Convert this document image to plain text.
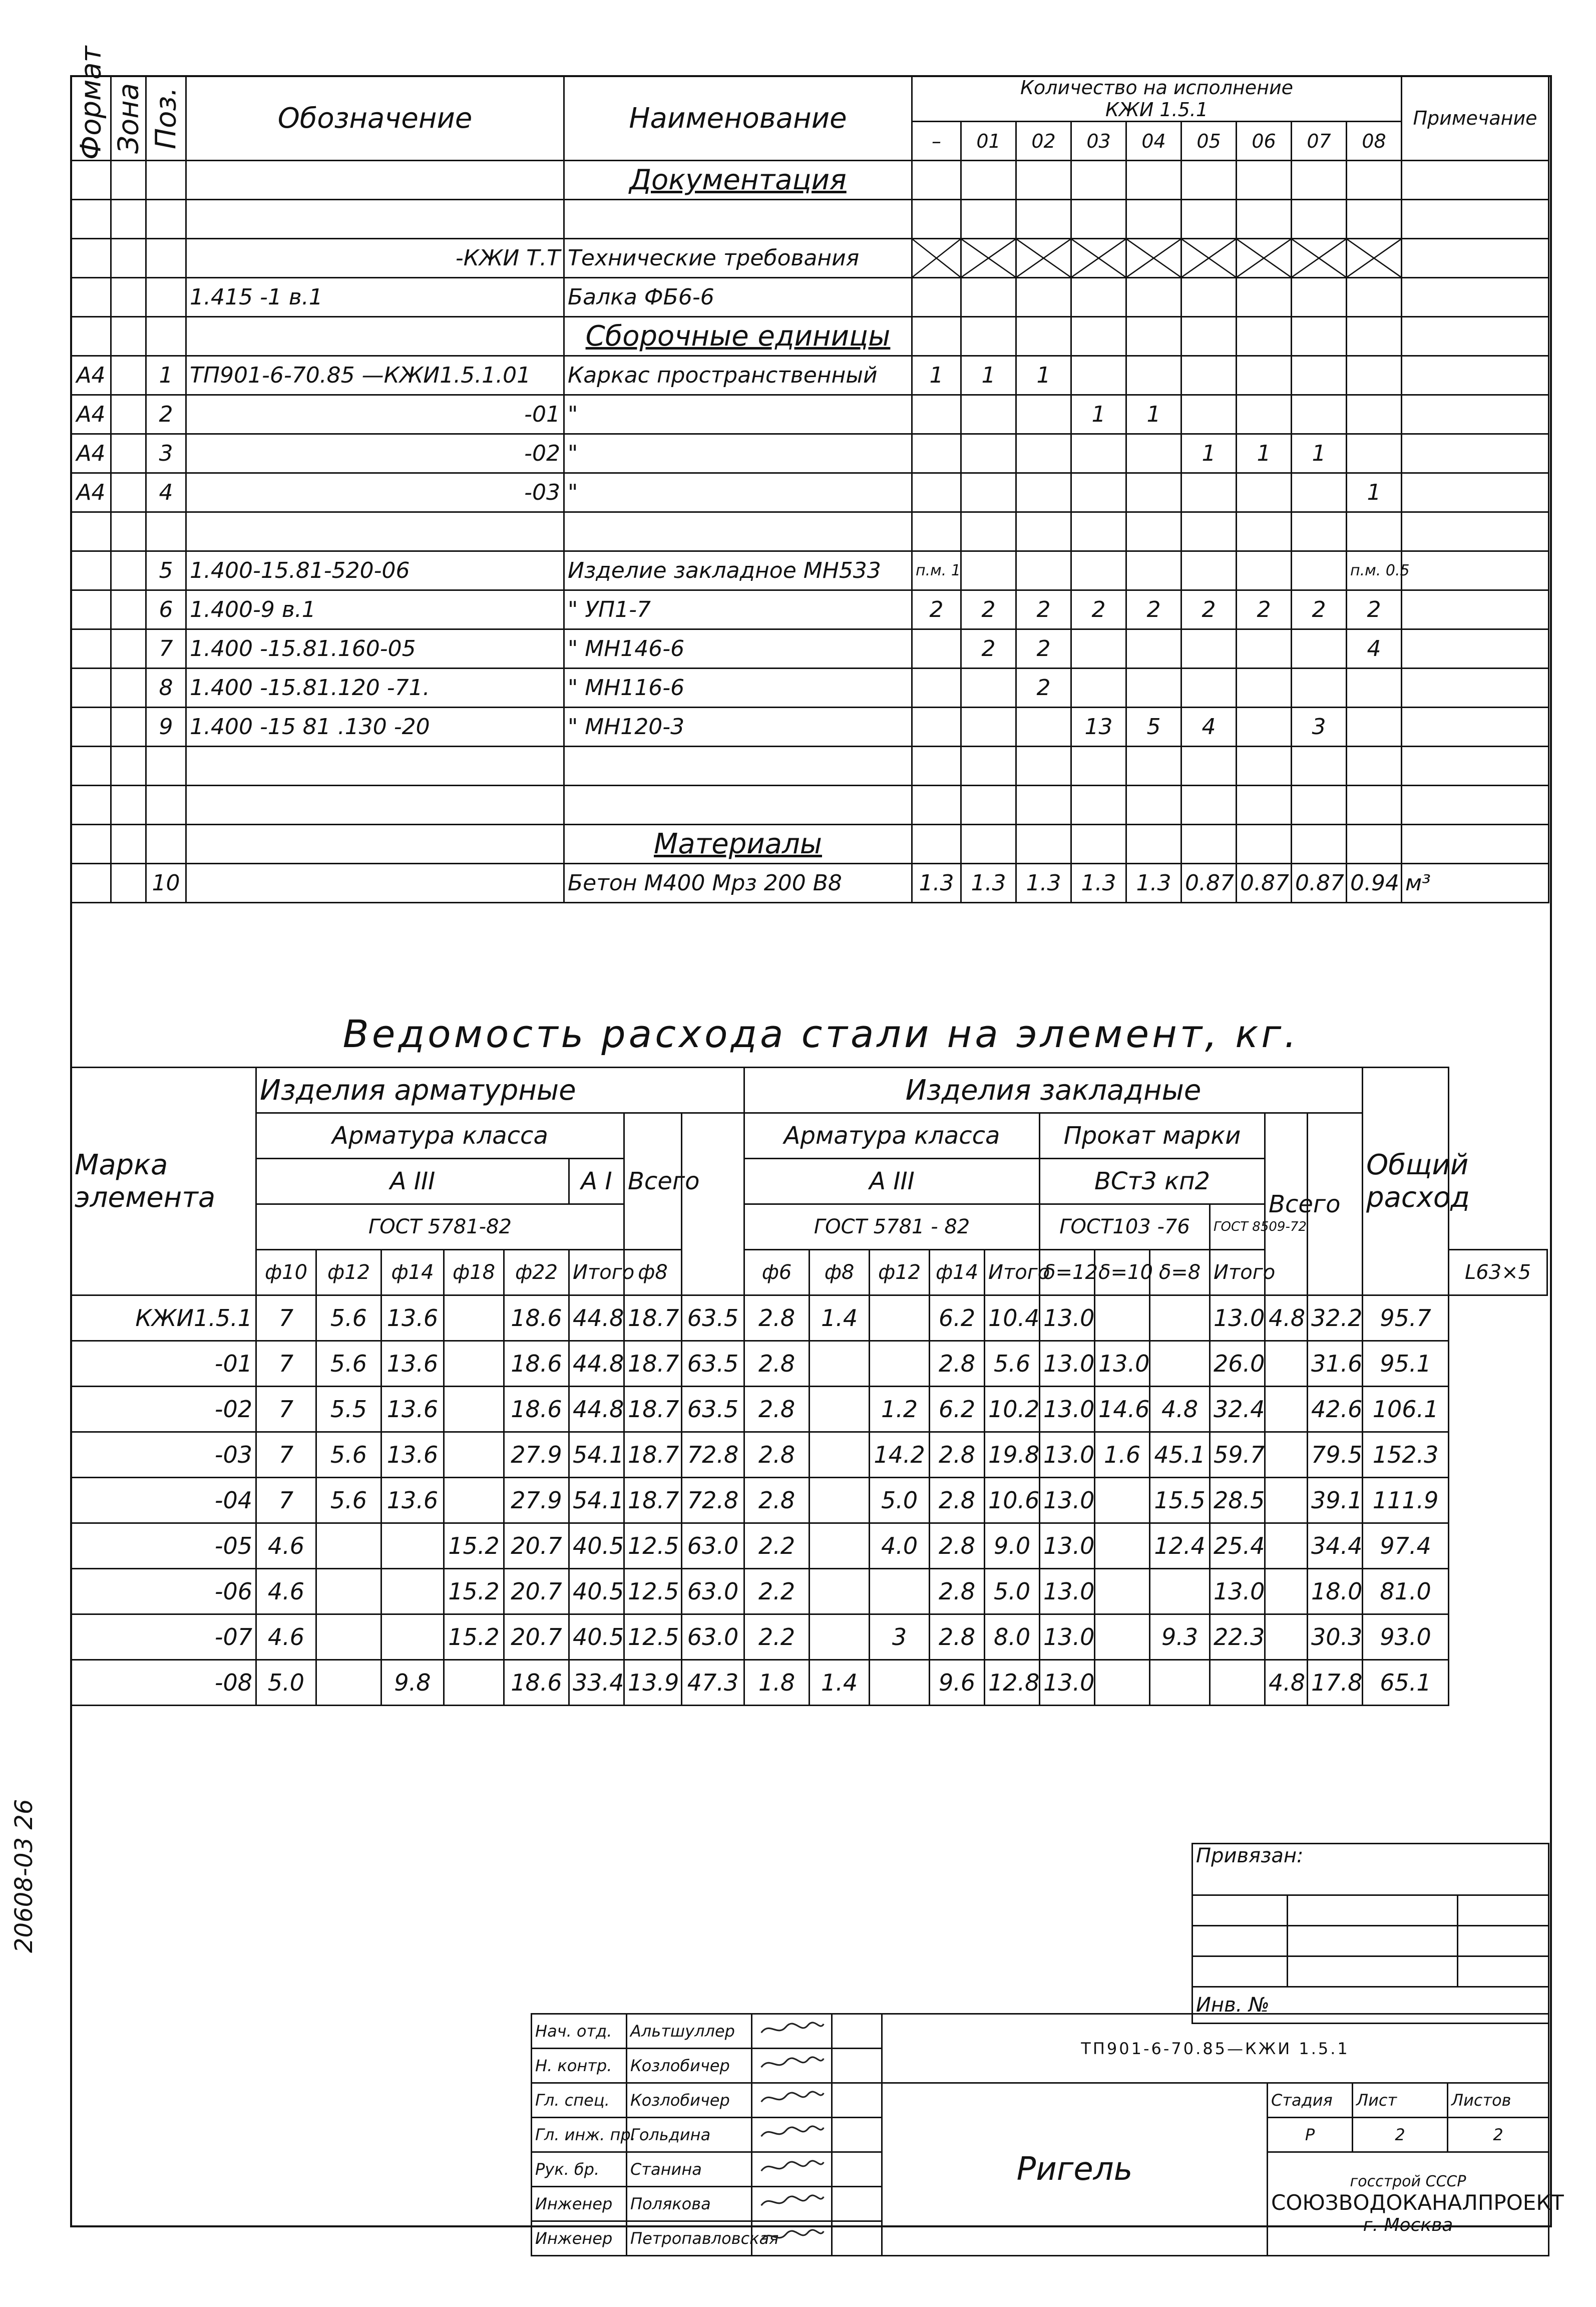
Формат	Зона	Поз.	Обозначение	Наименование	Количество на исполнение
КЖИ 1.5.1									Примечание
					–	01	02	03	04	05	06	07	08	
				Документация										

			-КЖИ Т.Т	Технические требования	

			1.415 -1 в.1	Балка ФБ6-6										
				Сборочные единицы										
А4		1	ТП901-6-70.85 —КЖИ1.5.1.01	Каркас пространственный	1	1	1							
А4		2	-01	"				1	1					
А4		3	-02	"						1	1	1		
А4		4	-03	"									1	

		5	1.400-15.81-520-06	Изделие закладное МН533	п.м. 1								п.м. 0.5	
		6	1.400-9 в.1	" УП1-7	2	2	2	2	2	2	2	2	2	
		7	1.400 -15.81.160-05	" МН146-6		2	2						4	
		8	1.400 -15.81.120 -71.	" МН116-6			2							
		9	1.400 -15 81 .130 -20	" МН120-3				13	5	4		3		

				Материалы										
		10		Бетон М400 Мрз 200 В8	1.3	1.3	1.3	1.3	1.3	0.87	0.87	0.87	0.94	м³
Ведомость расхода стали на элемент, кг.
Марка элемента	Изделия арматурные								Изделия закладные											Общий расход	
	Арматура класса						Всего		Арматура класса					Прокат марки				Всего			
	А III					А I			А III					ВСт3 кп2							
	ГОСТ 5781-82								ГОСТ 5781 - 82					ГОСТ103 -76			ГОСТ 8509-72				
	ф10	ф12	ф14	ф18	ф22	Итого	ф8		ф6	ф8	ф12	ф14	Итого	δ=12	δ=10	δ=8	Итого				L63×5
КЖИ1.5.1	7	5.6	13.6		18.6	44.8	18.7	63.5	2.8	1.4		6.2	10.4	13.0			13.0	4.8	32.2	95.7	
-01	7	5.6	13.6		18.6	44.8	18.7	63.5	2.8			2.8	5.6	13.0	13.0		26.0		31.6	95.1	
-02	7	5.5	13.6		18.6	44.8	18.7	63.5	2.8		1.2	6.2	10.2	13.0	14.6	4.8	32.4		42.6	106.1	
-03	7	5.6	13.6		27.9	54.1	18.7	72.8	2.8		14.2	2.8	19.8	13.0	1.6	45.1	59.7		79.5	152.3	
-04	7	5.6	13.6		27.9	54.1	18.7	72.8	2.8		5.0	2.8	10.6	13.0		15.5	28.5		39.1	111.9	
-05	4.6			15.2	20.7	40.5	12.5	63.0	2.2		4.0	2.8	9.0	13.0		12.4	25.4		34.4	97.4	
-06	4.6			15.2	20.7	40.5	12.5	63.0	2.2			2.8	5.0	13.0			13.0		18.0	81.0	
-07	4.6			15.2	20.7	40.5	12.5	63.0	2.2		3	2.8	8.0	13.0		9.3	22.3		30.3	93.0	
-08	5.0		9.8		18.6	33.4	13.9	47.3	1.8	1.4		9.6	12.8	13.0				4.8	17.8	65.1	
20608-03 26	Привязан:		

Инв. №		
Нач. отд.	Альтшуллер			ТП901-6-70.85—КЖИ 1.5.1			
Н. контр.	Козлобичер		
Гл. спец.	Козлобичер			Ригель	Стадия	Лист	Листов
Гл. инж. пр.	Гольдина				Р	2	2
Рук. бр.	Станина				госстрой СССР
СОЮЗВОДОКАНАЛПРОЕКТ
г. Москва		

Инженер	Полякова		
Инженер	Петропавловская		
